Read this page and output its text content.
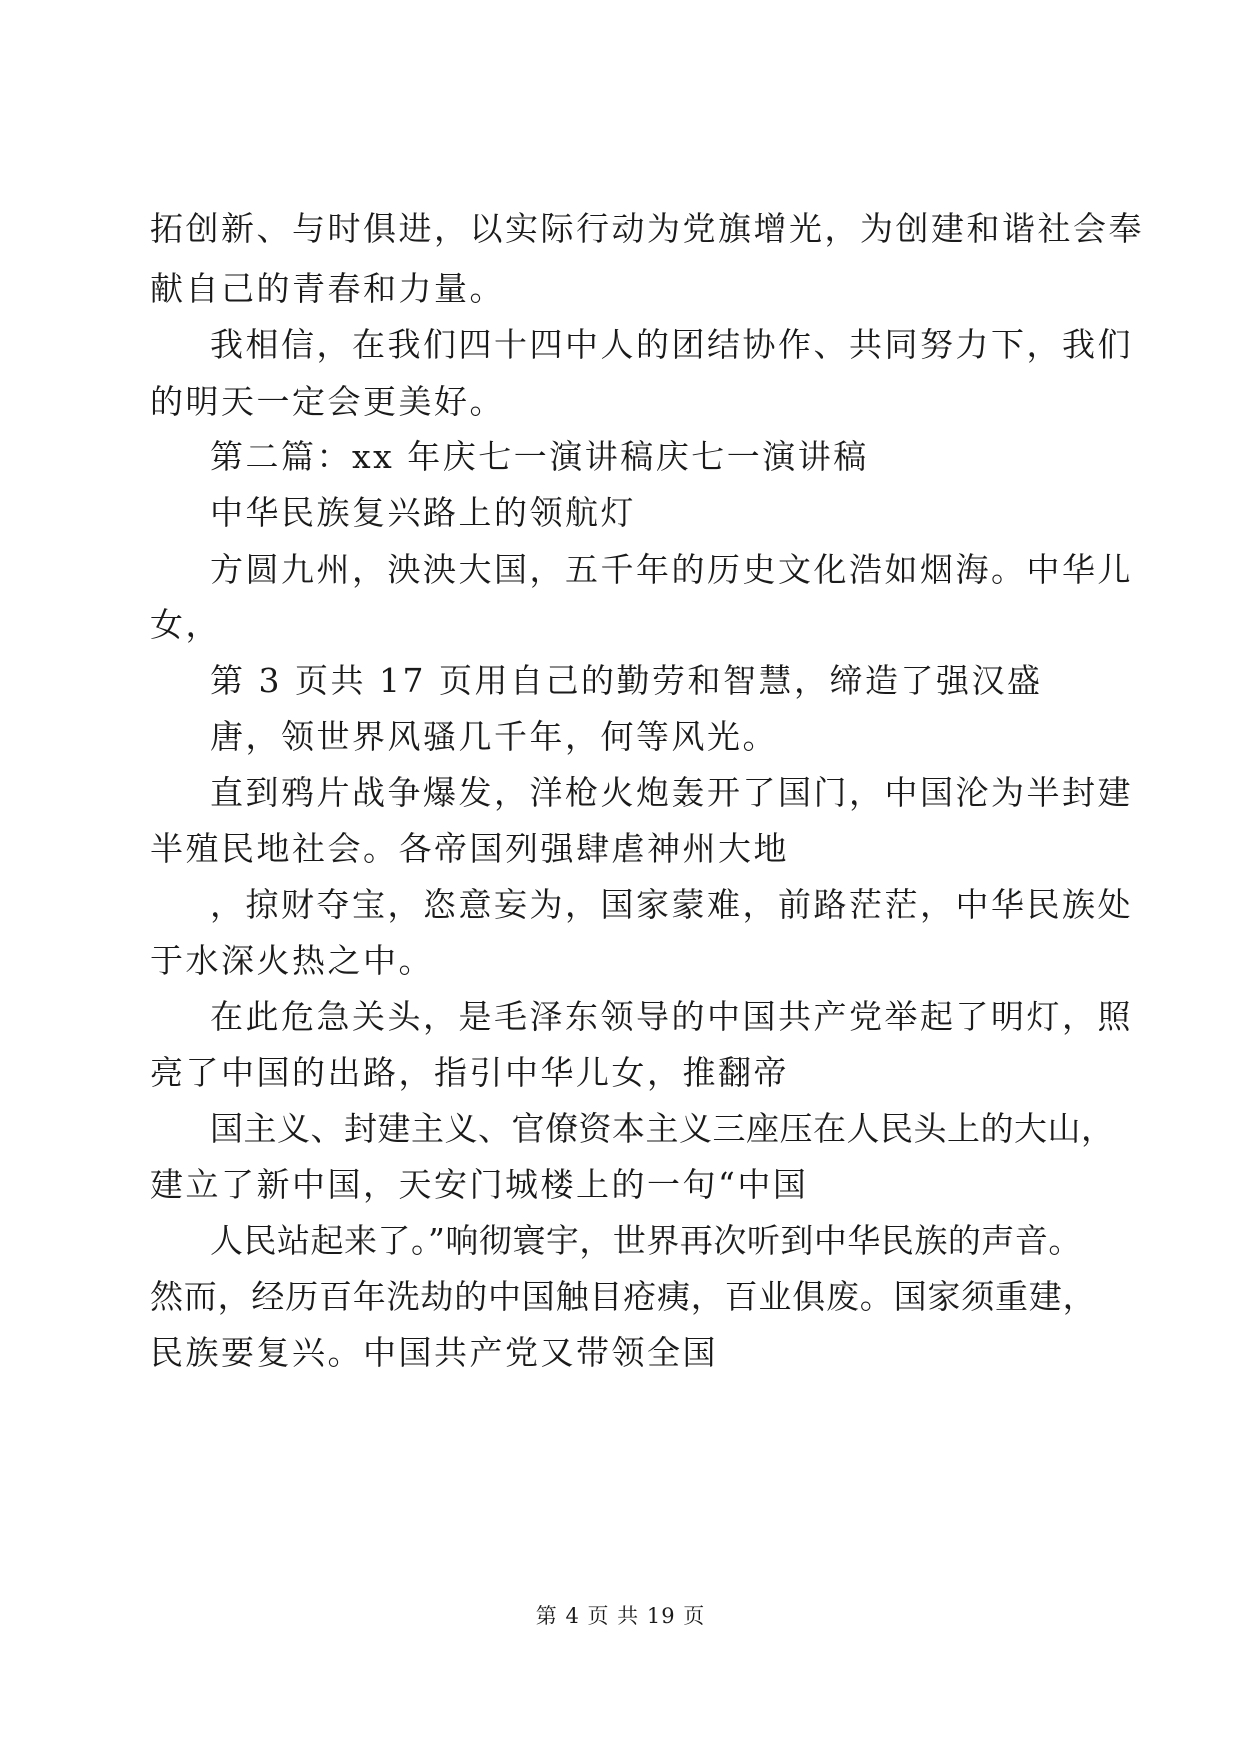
拓创新、与时俱进，以实际行动为党旗增光，为创建和谐社会奉
献自己的青春和力量。
我相信，在我们四十四中人的团结协作、共同努力下，我们
的明天一定会更美好。
第二篇：xx 年庆七一演讲稿庆七一演讲稿
中华民族复兴路上的领航灯
方圆九州，泱泱大国，五千年的历史文化浩如烟海。中华儿
女，
第 3 页共 17 页用自己的勤劳和智慧，缔造了强汉盛
唐，领世界风骚几千年，何等风光。
直到鸦片战争爆发，洋枪火炮轰开了国门，中国沦为半封建
半殖民地社会。各帝国列强肆虐神州大地
，掠财夺宝，恣意妄为，国家蒙难，前路茫茫，中华民族处
于水深火热之中。
在此危急关头，是毛泽东领导的中国共产党举起了明灯，照
亮了中国的出路，指引中华儿女，推翻帝
国主义、封建主义、官僚资本主义三座压在人民头上的大山，
建立了新中国，天安门城楼上的一句“中国
人民站起来了。”响彻寰宇，世界再次听到中华民族的声音。
然而，经历百年洗劫的中国触目疮痍，百业俱废。国家须重建，
民族要复兴。中国共产党又带领全国
第 4 页 共 19 页
